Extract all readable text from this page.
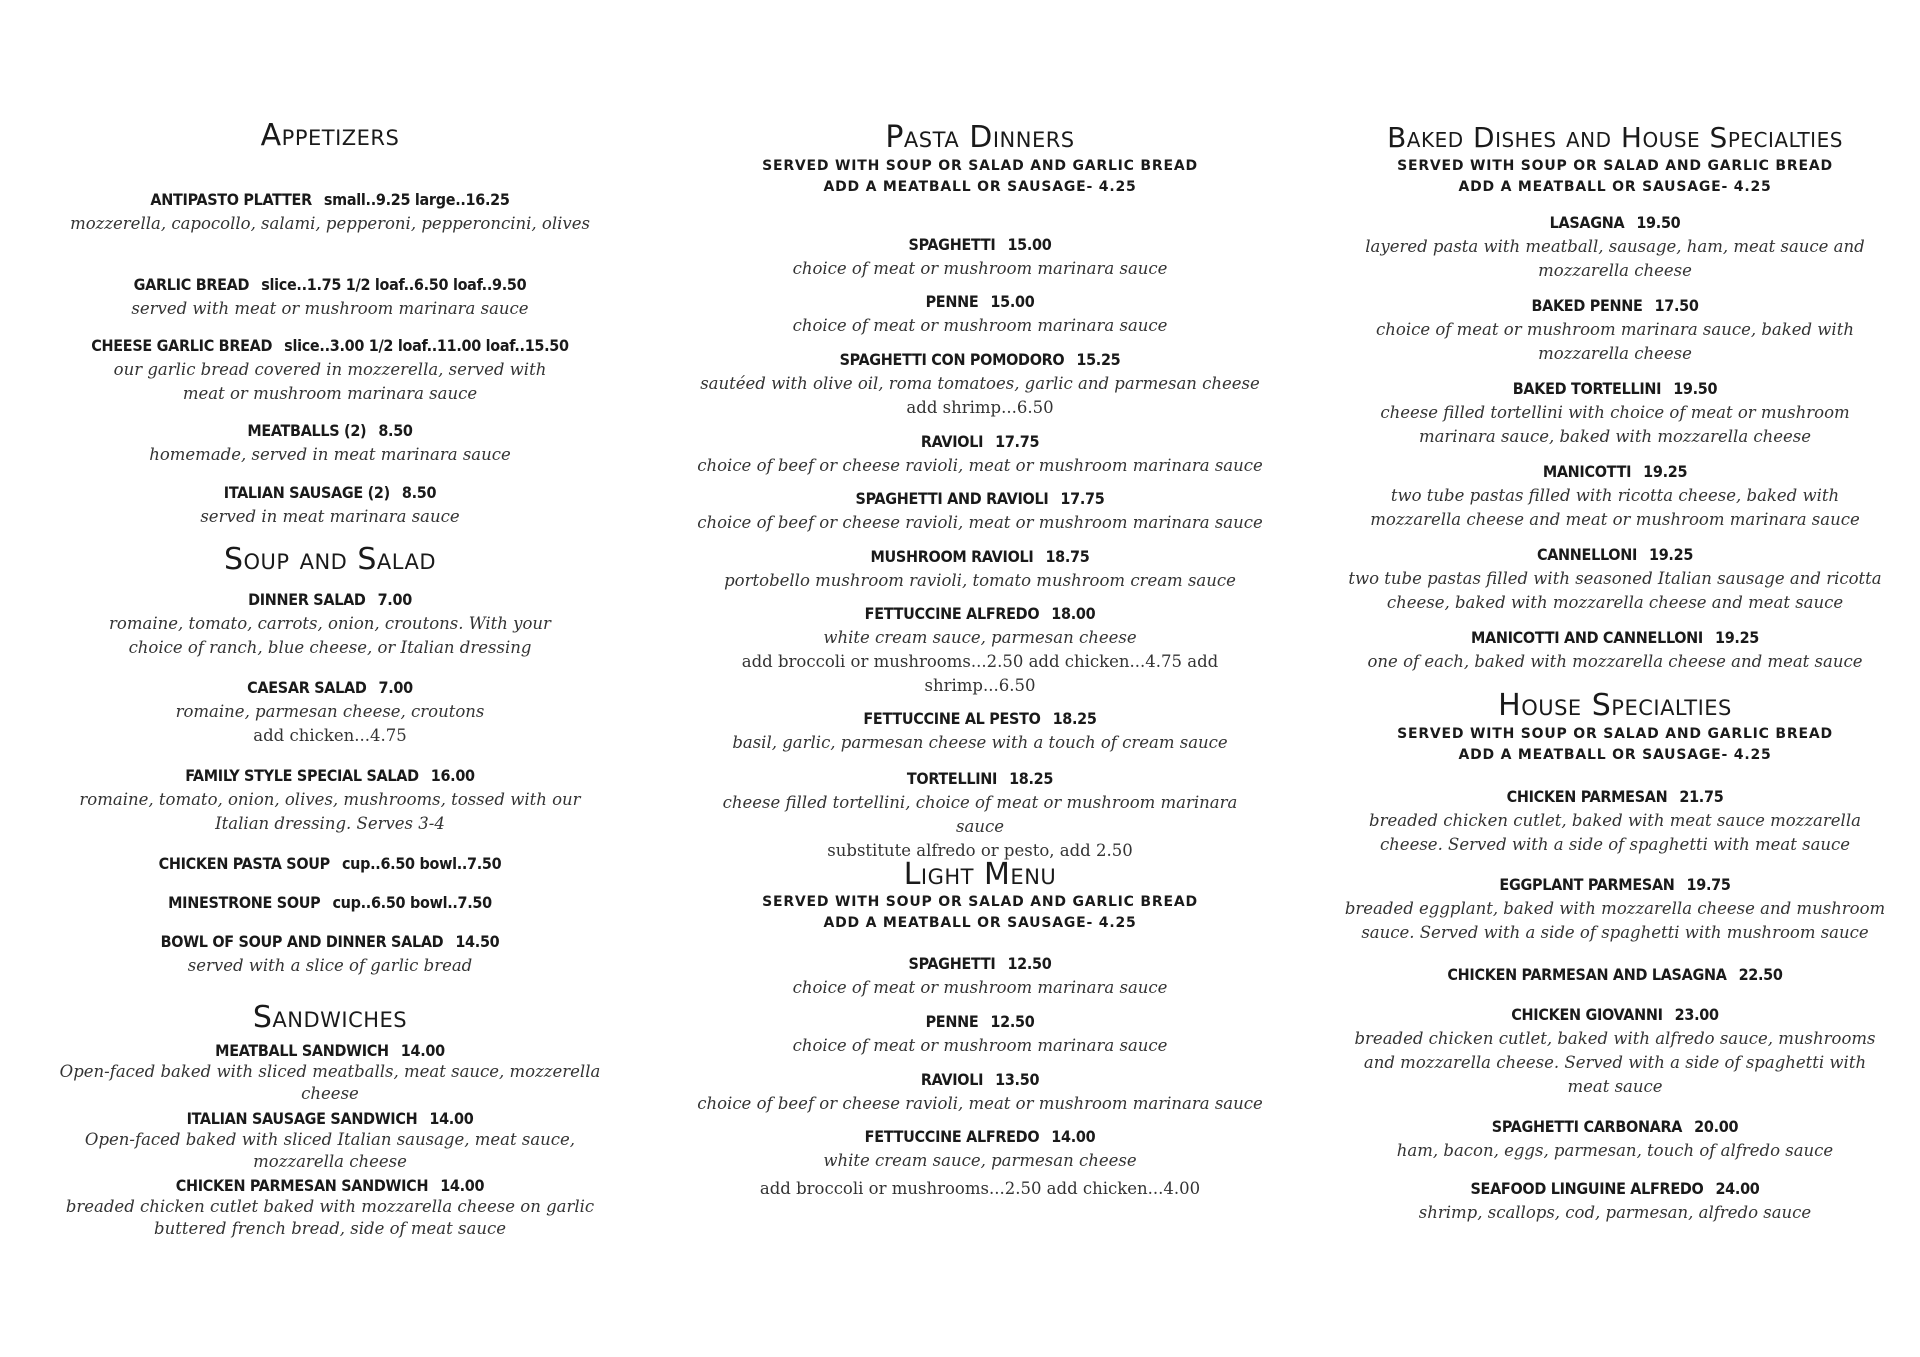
Appetizers
ANTIPASTO PLATTER small..9.25 large..16.25
mozzerella, capocollo, salami, pepperoni, pepperoncini, olives
GARLIC BREAD slice..1.75 1/2 loaf..6.50 loaf..9.50
served with meat or mushroom marinara sauce
CHEESE GARLIC BREAD slice..3.00 1/2 loaf..11.00 loaf..15.50
our garlic bread covered in mozzerella, served with meat or mushroom marinara sauce
MEATBALLS (2) 8.50
homemade, served in meat marinara sauce
ITALIAN SAUSAGE (2) 8.50
served in meat marinara sauce
Soup and Salad
DINNER SALAD 7.00
romaine, tomato, carrots, onion, croutons. With your choice of ranch, blue cheese, or Italian dressing
CAESAR SALAD 7.00
romaine, parmesan cheese, croutons
add chicken...4.75
FAMILY STYLE SPECIAL SALAD 16.00
romaine, tomato, onion, olives, mushrooms, tossed with our Italian dressing. Serves 3-4
CHICKEN PASTA SOUP cup..6.50 bowl..7.50
MINESTRONE SOUP cup..6.50 bowl..7.50
BOWL OF SOUP AND DINNER SALAD 14.50
served with a slice of garlic bread
Sandwiches
MEATBALL SANDWICH 14.00
Open-faced baked with sliced meatballs, meat sauce, mozzerella cheese
ITALIAN SAUSAGE SANDWICH 14.00
Open-faced baked with sliced Italian sausage, meat sauce, mozzarella cheese
CHICKEN PARMESAN SANDWICH 14.00
breaded chicken cutlet baked with mozzarella cheese on garlic buttered french bread, side of meat sauce
Pasta Dinners
SERVED WITH SOUP OR SALAD AND GARLIC BREAD
ADD A MEATBALL OR SAUSAGE- 4.25
SPAGHETTI 15.00
choice of meat or mushroom marinara sauce
PENNE 15.00
choice of meat or mushroom marinara sauce
SPAGHETTI CON POMODORO 15.25
sautéed with olive oil, roma tomatoes, garlic and parmesan cheese
add shrimp...6.50
RAVIOLI 17.75
choice of beef or cheese ravioli, meat or mushroom marinara sauce
SPAGHETTI AND RAVIOLI 17.75
choice of beef or cheese ravioli, meat or mushroom marinara sauce
MUSHROOM RAVIOLI 18.75
portobello mushroom ravioli, tomato mushroom cream sauce
FETTUCCINE ALFREDO 18.00
white cream sauce, parmesan cheese
add broccoli or mushrooms...2.50 add chicken...4.75 add shrimp...6.50
FETTUCCINE AL PESTO 18.25
basil, garlic, parmesan cheese with a touch of cream sauce
TORTELLINI 18.25
cheese filled tortellini, choice of meat or mushroom marinara sauce
substitute alfredo or pesto, add 2.50
Light Menu
SERVED WITH SOUP OR SALAD AND GARLIC BREAD
ADD A MEATBALL OR SAUSAGE- 4.25
SPAGHETTI 12.50
choice of meat or mushroom marinara sauce
PENNE 12.50
choice of meat or mushroom marinara sauce
RAVIOLI 13.50
choice of beef or cheese ravioli, meat or mushroom marinara sauce
FETTUCCINE ALFREDO 14.00
white cream sauce, parmesan cheese
add broccoli or mushrooms...2.50 add chicken...4.00
Baked Dishes and House Specialties
SERVED WITH SOUP OR SALAD AND GARLIC BREAD
ADD A MEATBALL OR SAUSAGE- 4.25
LASAGNA 19.50
layered pasta with meatball, sausage, ham, meat sauce and mozzarella cheese
BAKED PENNE 17.50
choice of meat or mushroom marinara sauce, baked with mozzarella cheese
BAKED TORTELLINI 19.50
cheese filled tortellini with choice of meat or mushroom marinara sauce, baked with mozzarella cheese
MANICOTTI 19.25
two tube pastas filled with ricotta cheese, baked with mozzarella cheese and meat or mushroom marinara sauce
CANNELLONI 19.25
two tube pastas filled with seasoned Italian sausage and ricotta cheese, baked with mozzarella cheese and meat sauce
MANICOTTI AND CANNELLONI 19.25
one of each, baked with mozzarella cheese and meat sauce
House Specialties
SERVED WITH SOUP OR SALAD AND GARLIC BREAD
ADD A MEATBALL OR SAUSAGE- 4.25
CHICKEN PARMESAN 21.75
breaded chicken cutlet, baked with meat sauce mozzarella cheese. Served with a side of spaghetti with meat sauce
EGGPLANT PARMESAN 19.75
breaded eggplant, baked with mozzarella cheese and mushroom sauce. Served with a side of spaghetti with mushroom sauce
CHICKEN PARMESAN AND LASAGNA 22.50
CHICKEN GIOVANNI 23.00
breaded chicken cutlet, baked with alfredo sauce, mushrooms and mozzarella cheese. Served with a side of spaghetti with meat sauce
SPAGHETTI CARBONARA 20.00
ham, bacon, eggs, parmesan, touch of alfredo sauce
SEAFOOD LINGUINE ALFREDO 24.00
shrimp, scallops, cod, parmesan, alfredo sauce
